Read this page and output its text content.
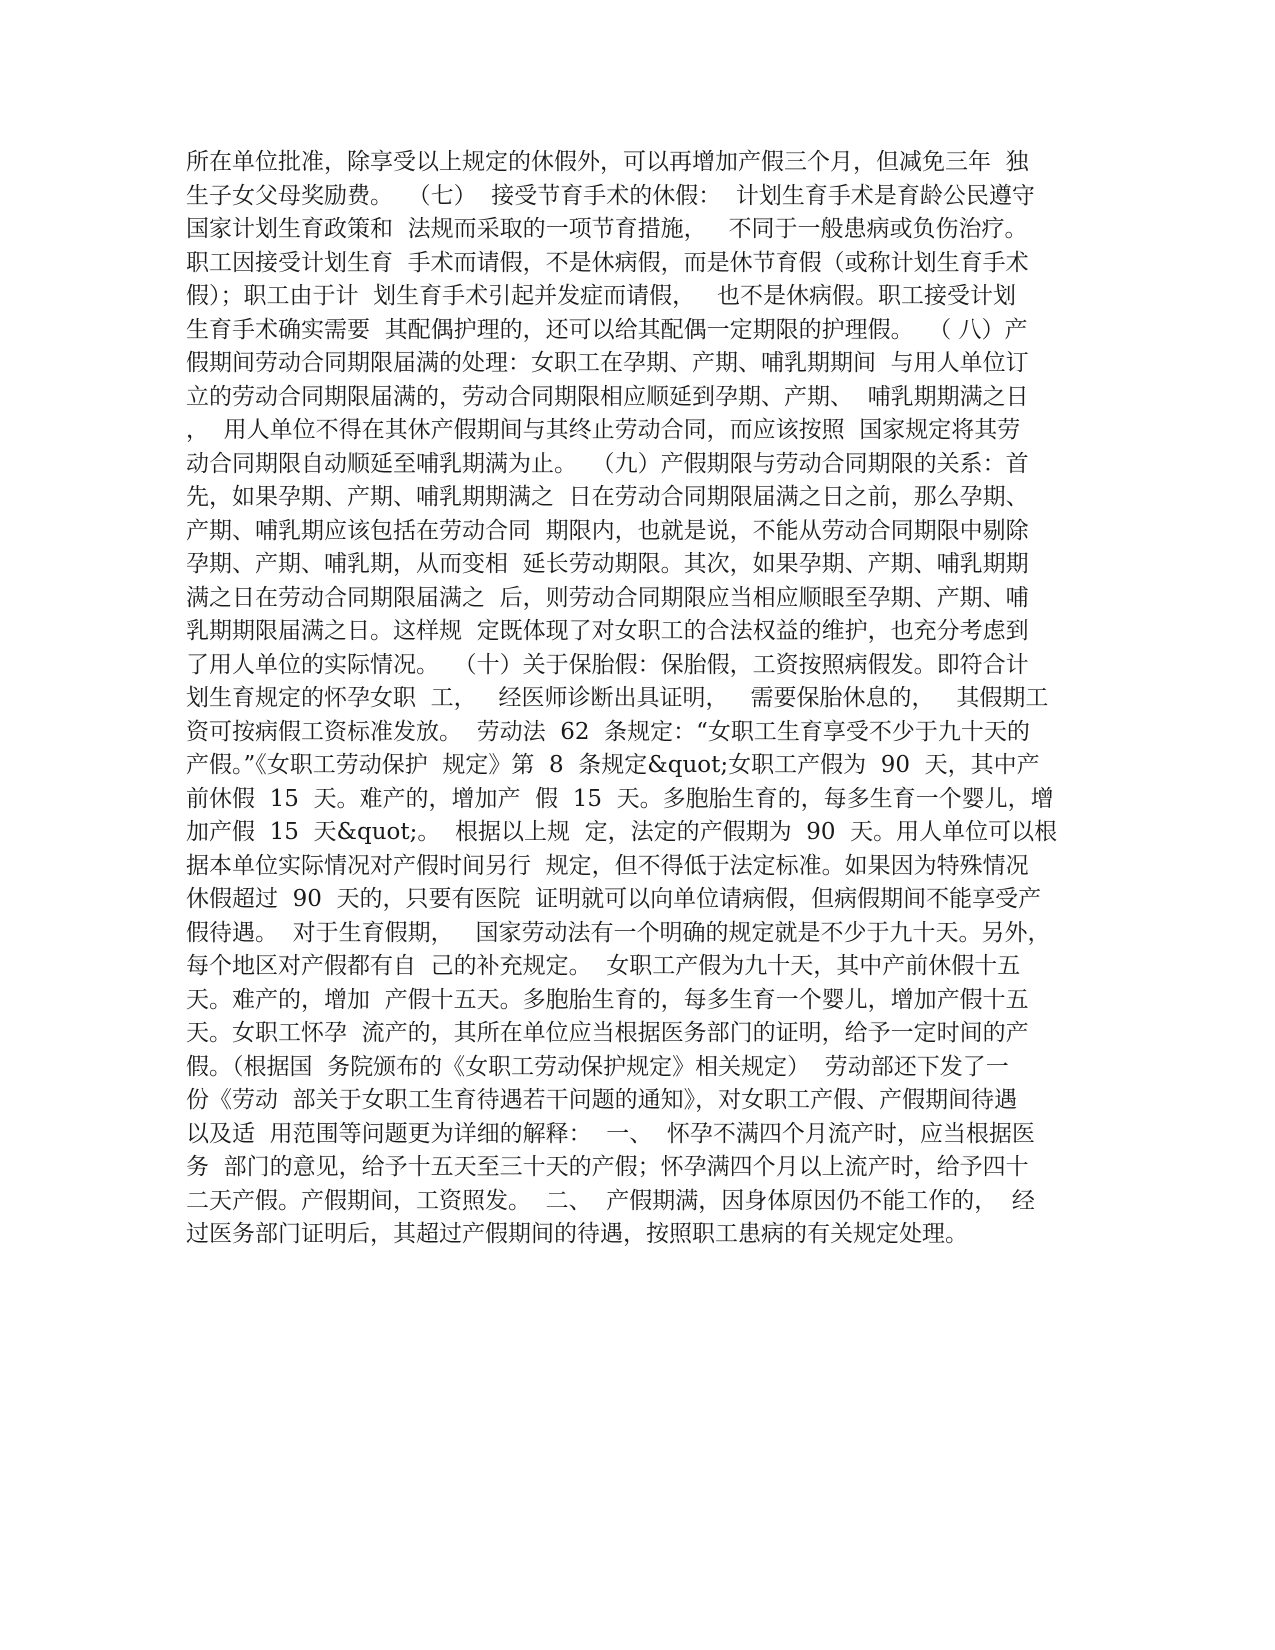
所在单位批准，除享受以上规定的休假外，可以再增加产假三个月，但减免三年  独
生子女父母奖励费。  （七）  接受节育手术的休假：  计划生育手术是育龄公民遵守
国家计划生育政策和  法规而采取的一项节育措施，   不同于一般患病或负伤治疗。
职工因接受计划生育  手术而请假，不是休病假，而是休节育假（或称计划生育手术
假）；职工由于计  划生育手术引起并发症而请假，   也不是休病假。职工接受计划
生育手术确实需要  其配偶护理的，还可以给其配偶一定期限的护理假。  （ 八）产
假期间劳动合同期限届满的处理：女职工在孕期、产期、哺乳期期间  与用人单位订
立的劳动合同期限届满的，劳动合同期限相应顺延到孕期、产期、  哺乳期期满之日
，  用人单位不得在其休产假期间与其终止劳动合同，而应该按照  国家规定将其劳
动合同期限自动顺延至哺乳期满为止。  （九）产假期限与劳动合同期限的关系：首
先，如果孕期、产期、哺乳期期满之  日在劳动合同期限届满之日之前，那么孕期、
产期、哺乳期应该包括在劳动合同  期限内，也就是说，不能从劳动合同期限中剔除
孕期、产期、哺乳期，从而变相  延长劳动期限。其次，如果孕期、产期、哺乳期期
满之日在劳动合同期限届满之  后，则劳动合同期限应当相应顺眼至孕期、产期、哺
乳期期限届满之日。这样规  定既体现了对女职工的合法权益的维护，也充分考虑到
了用人单位的实际情况。  （十）关于保胎假：保胎假，工资按照病假发。即符合计
划生育规定的怀孕女职  工，   经医师诊断出具证明，   需要保胎休息的，   其假期工
资可按病假工资标准发放。  劳动法  62  条规定：“女职工生育享受不少于九十天的
产假。”《女职工劳动保护  规定》第  8  条规定&quot;女职工产假为  90  天，其中产
前休假  15  天。难产的，增加产  假  15  天。多胞胎生育的，每多生育一个婴儿，增
加产假  15  天&quot;。  根据以上规  定，法定的产假期为  90  天。用人单位可以根
据本单位实际情况对产假时间另行  规定，但不得低于法定标准。如果因为特殊情况
休假超过  90  天的，只要有医院  证明就可以向单位请病假，但病假期间不能享受产
假待遇。  对于生育假期，   国家劳动法有一个明确的规定就是不少于九十天。另外，
每个地区对产假都有自  己的补充规定。  女职工产假为九十天，其中产前休假十五
天。难产的，增加  产假十五天。多胞胎生育的，每多生育一个婴儿，增加产假十五
天。女职工怀孕  流产的，其所在单位应当根据医务部门的证明，给予一定时间的产
假。（根据国  务院颁布的《女职工劳动保护规定》相关规定）  劳动部还下发了一
份《劳动  部关于女职工生育待遇若干问题的通知》，对女职工产假、产假期间待遇
以及适  用范围等问题更为详细的解释：  一、  怀孕不满四个月流产时，应当根据医
务  部门的意见，给予十五天至三十天的产假；怀孕满四个月以上流产时，给予四十
二天产假。产假期间，工资照发。  二、  产假期满，因身体原因仍不能工作的，  经
过医务部门证明后，其超过产假期间的待遇，按照职工患病的有关规定处理。
